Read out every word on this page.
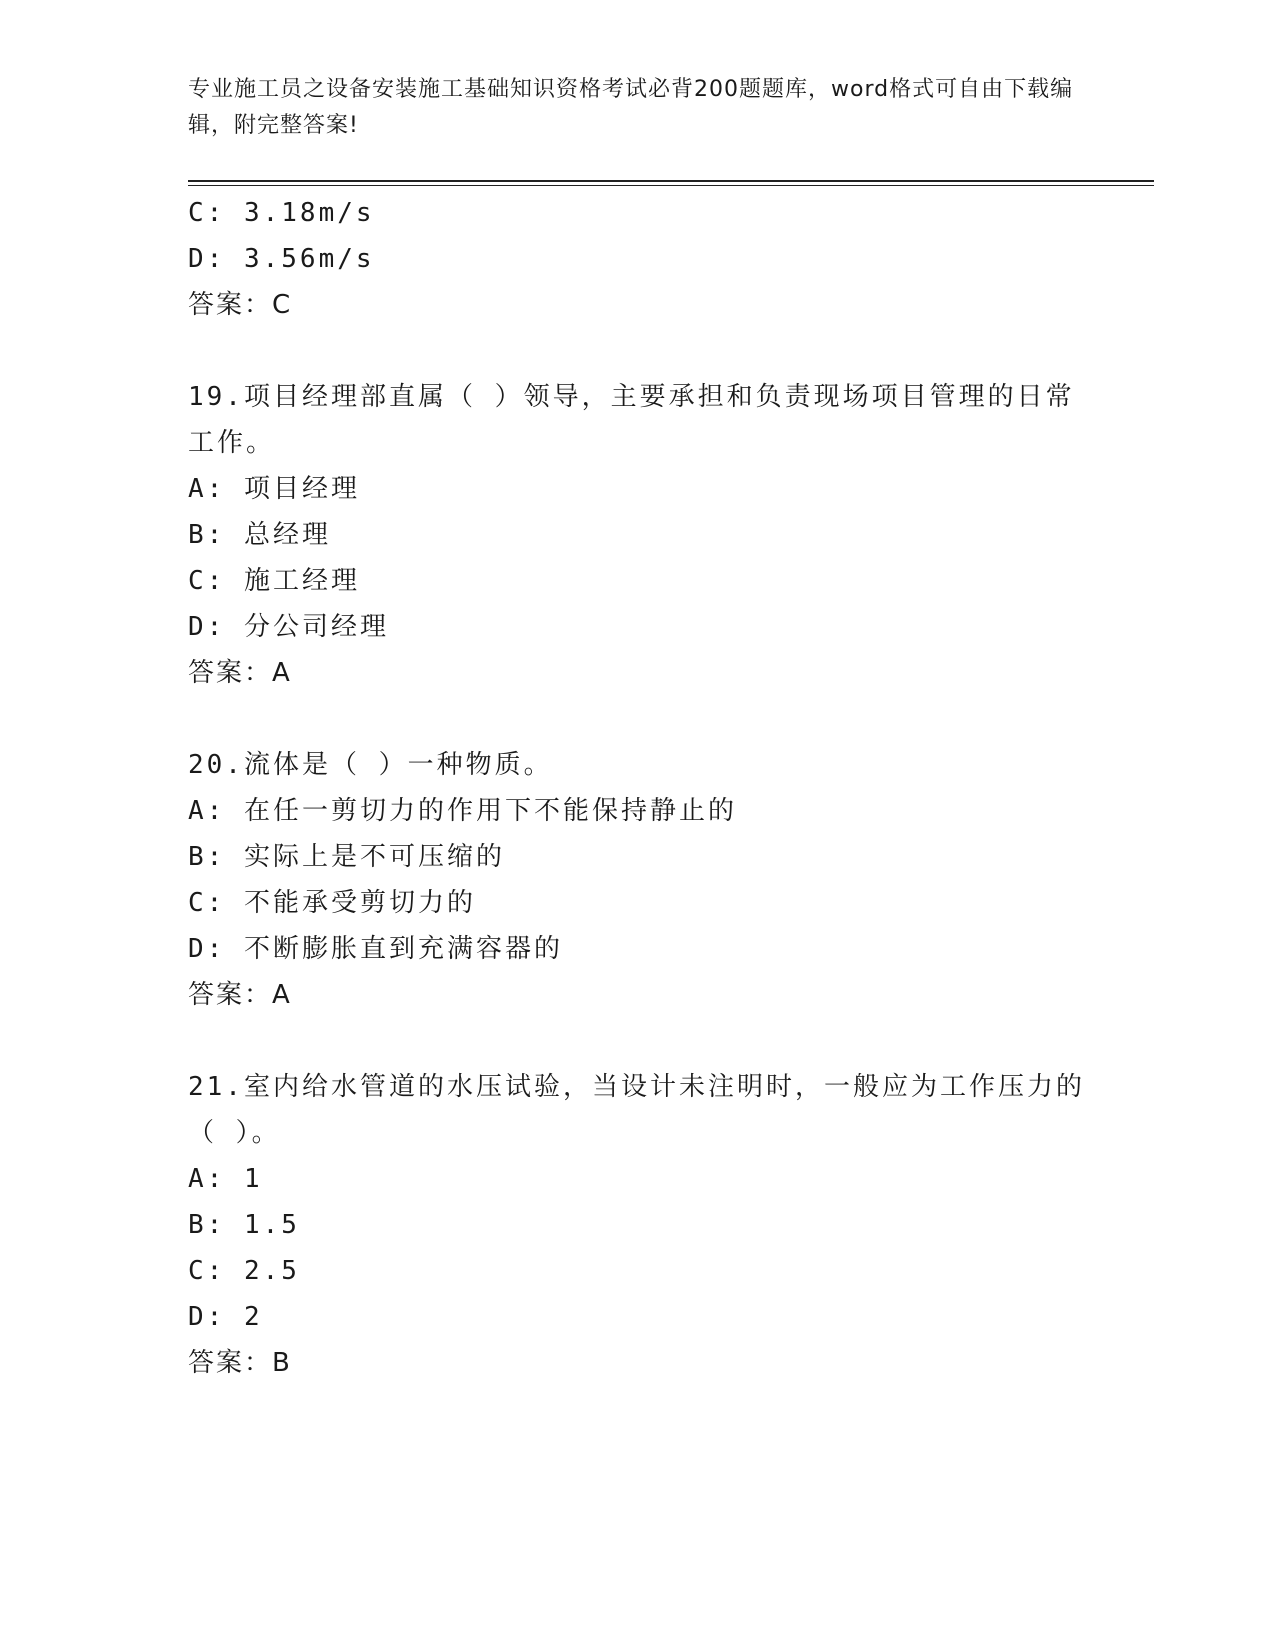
专业施工员之设备安装施工基础知识资格考试必背200题题库，word格式可自由下载编辑，附完整答案!
C: 3.18m/s
D: 3.56m/s
答案：C
19.项目经理部直属（ ）领导，主要承担和负责现场项目管理的日常工作。
A: 项目经理
B: 总经理
C: 施工经理
D: 分公司经理
答案：A
20.流体是（ ）一种物质。
A: 在任一剪切力的作用下不能保持静止的
B: 实际上是不可压缩的
C: 不能承受剪切力的
D: 不断膨胀直到充满容器的
答案：A
21.室内给水管道的水压试验，当设计未注明时，一般应为工作压力的（ ）。
A: 1
B: 1.5
C: 2.5
D: 2
答案：B
